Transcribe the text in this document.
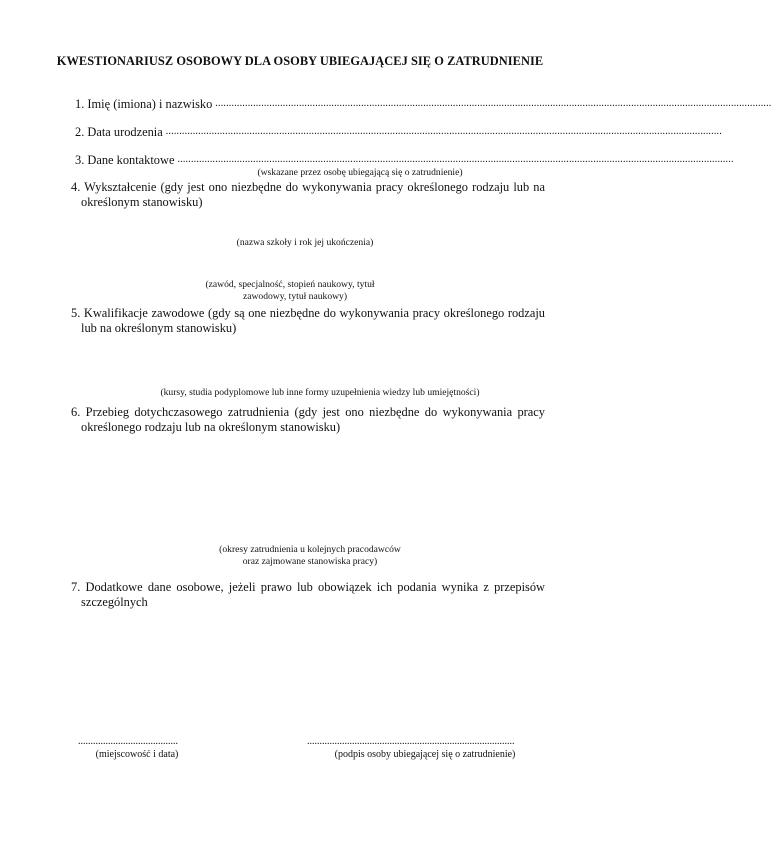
KWESTIONARIUSZ OSOBOWY DLA OSOBY UBIEGAJĄCEJ SIĘ O ZATRUDNIENIE
1. Imię (imiona) i nazwisko ..............................................................................................................................................................................................................
2. Data urodzenia ..............................................................................................................................................................................................................
3. Dane kontaktowe ..............................................................................................................................................................................................................
(wskazane przez osobę ubiegającą się o zatrudnienie)
4. Wykształcenie (gdy jest ono niezbędne do wykonywania pracy określonego rodzaju lub na
określonym stanowisku)
(nazwa szkoły i rok jej ukończenia)
(zawód, specjalność, stopień naukowy, tytuł
zawodowy, tytuł naukowy)
5. Kwalifikacje zawodowe (gdy są one niezbędne do wykonywania pracy określonego rodzaju
lub na określonym stanowisku)
(kursy, studia podyplomowe lub inne formy uzupełnienia wiedzy lub umiejętności)
6. Przebieg dotychczasowego zatrudnienia (gdy jest ono niezbędne do wykonywania pracy
określonego rodzaju lub na określonym stanowisku)
(okresy zatrudnienia u kolejnych pracodawców
oraz zajmowane stanowiska pracy)
7. Dodatkowe dane osobowe, jeżeli prawo lub obowiązek ich podania wynika z przepisów
szczególnych
........................................
(miejscowość i data)
...................................................................................
(podpis osoby ubiegającej się o zatrudnienie)
